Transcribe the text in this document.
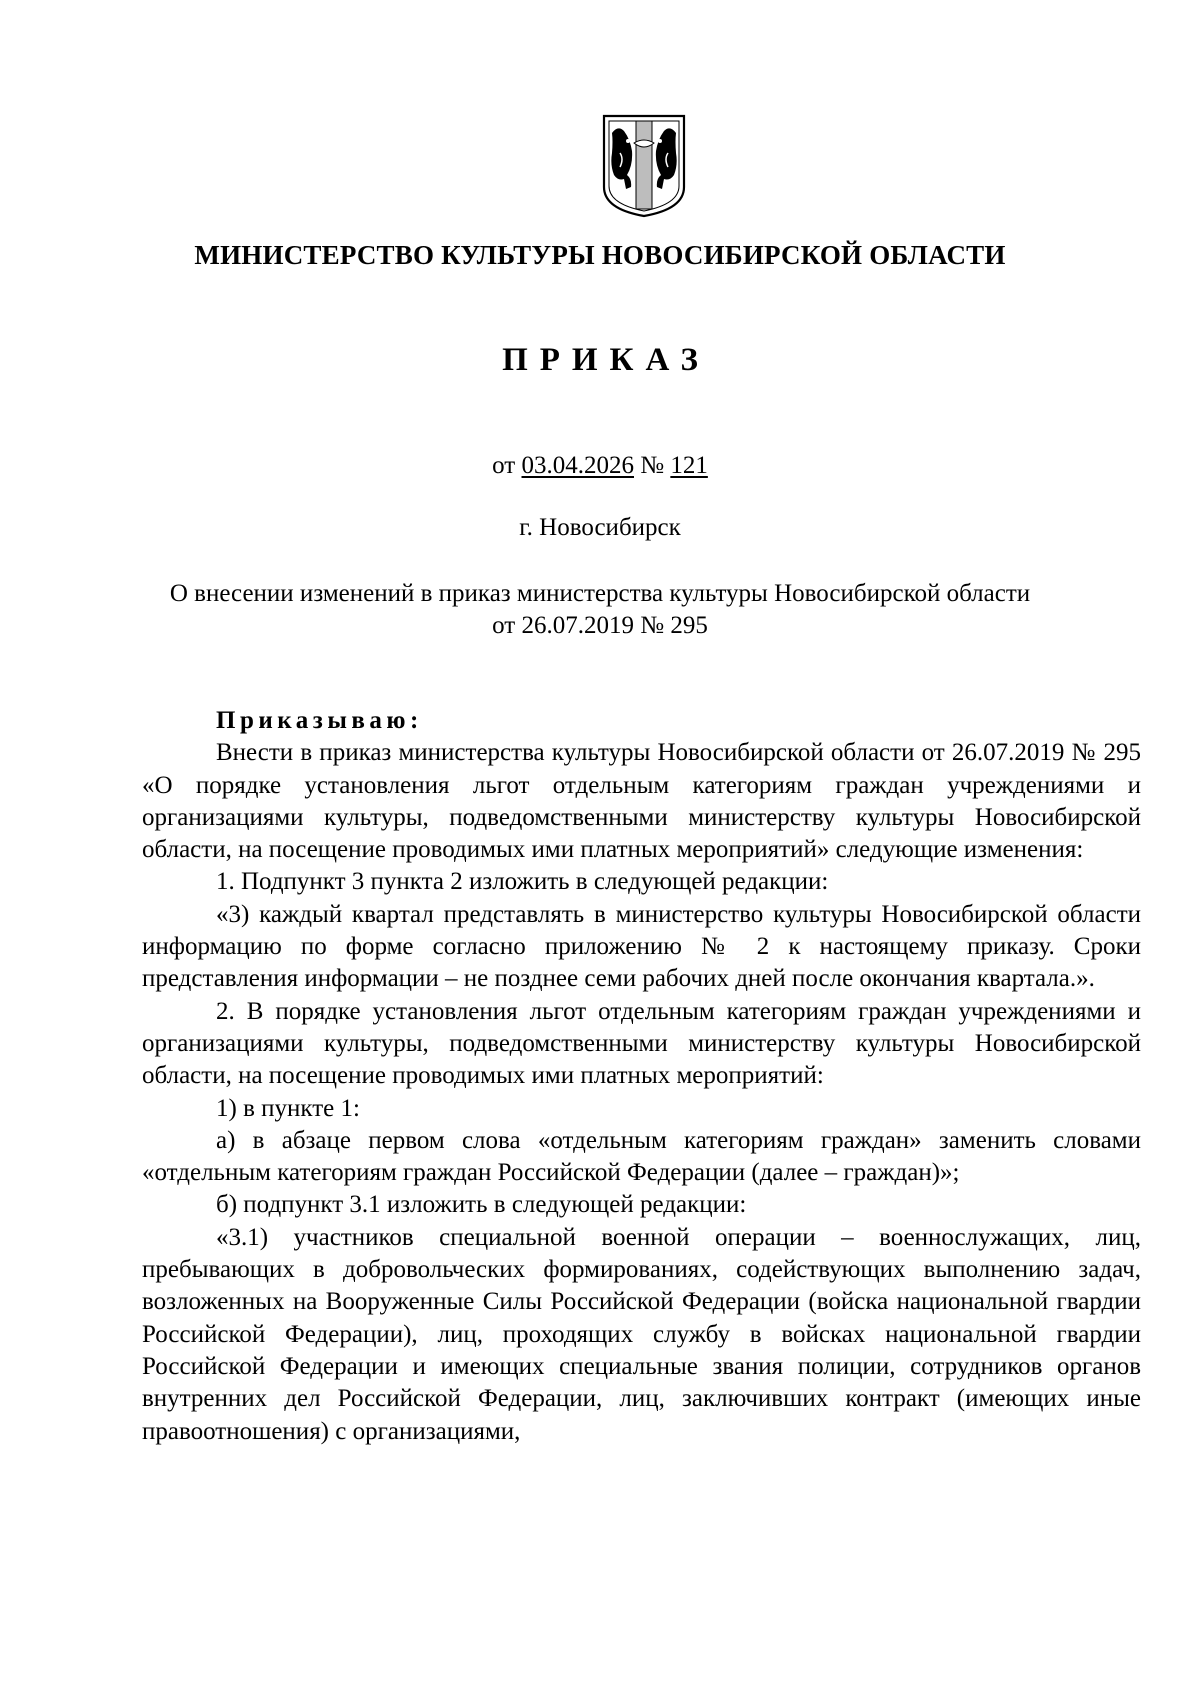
МИНИСТЕРСТВО КУЛЬТУРЫ НОВОСИБИРСКОЙ ОБЛАСТИ
ПРИКАЗ
от 03.04.2026 № 121
г. Новосибирск
О внесении изменений в приказ министерства культуры Новосибирской области
от 26.07.2019 № 295

Приказываю:

Внести в приказ министерства культуры Новосибирской области от 26.07.2019 № 295 «О порядке установления льгот отдельным категориям граждан учреждениями и организациями культуры, подведомственными министерству культуры Новосибирской области, на посещение проводимых ими платных мероприятий» следующие изменения:

1. Подпункт 3 пункта 2 изложить в следующей редакции:

«3) каждый квартал представлять в министерство культуры Новосибирской области информацию по форме согласно приложению № 2 к настоящему приказу. Сроки представления информации – не позднее семи рабочих дней после окончания квартала.».

2. В порядке установления льгот отдельным категориям граждан учреждениями и организациями культуры, подведомственными министерству культуры Новосибирской области, на посещение проводимых ими платных мероприятий:

1) в пункте 1:

а) в абзаце первом слова «отдельным категориям граждан» заменить словами «отдельным категориям граждан Российской Федерации (далее – граждан)»;

б) подпункт 3.1 изложить в следующей редакции:

«3.1) участников специальной военной операции – военнослужащих, лиц, пребывающих в добровольческих формированиях, содействующих выполнению задач, возложенных на Вооруженные Силы Российской Федерации (войска национальной гвардии Российской Федерации), лиц, проходящих службу в войсках национальной гвардии Российской Федерации и имеющих специальные звания полиции, сотрудников органов внутренних дел Российской Федерации, лиц, заключивших контракт (имеющих иные правоотношения) с организациями,
